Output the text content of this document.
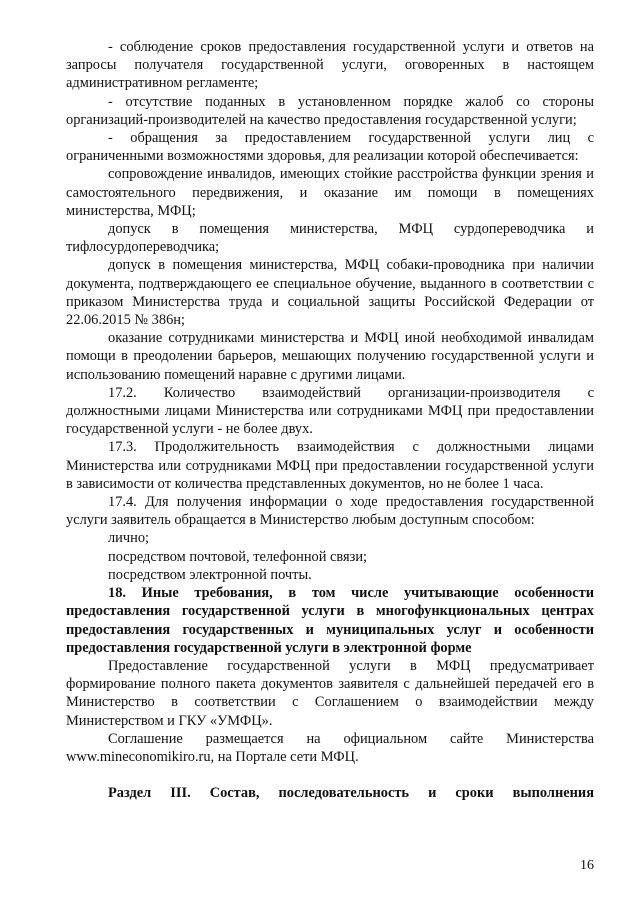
- соблюдение сроков предоставления государственной услуги и ответов на запросы получателя государственной услуги, оговоренных в настоящем административном регламенте;

- отсутствие поданных в установленном порядке жалоб со стороны организаций-производителей на качество предоставления государственной услуги;

- обращения за предоставлением государственной услуги лиц с ограниченными возможностями здоровья, для реализации которой обеспечивается:

сопровождение инвалидов, имеющих стойкие расстройства функции зрения и самостоятельного передвижения, и оказание им помощи в помещениях министерства, МФЦ;

допуск в помещения министерства, МФЦ сурдопереводчика и тифлосурдопереводчика;

допуск в помещения министерства, МФЦ собаки-проводника при наличии документа, подтверждающего ее специальное обучение, выданного в соответствии с приказом Министерства труда и социальной защиты Российской Федерации от 22.06.2015 № 386н;

оказание сотрудниками министерства и МФЦ иной необходимой инвалидам помощи в преодолении барьеров, мешающих получению государственной услуги и использованию помещений наравне с другими лицами.

17.2. Количество взаимодействий организации-производителя с должностными лицами Министерства или сотрудниками МФЦ при предоставлении государственной услуги - не более двух.

17.3. Продолжительность взаимодействия с должностными лицами Министерства или сотрудниками МФЦ при предоставлении государственной услуги в зависимости от количества представленных документов, но не более 1 часа.

17.4. Для получения информации о ходе предоставления государственной услуги заявитель обращается в Министерство любым доступным способом:

лично;

посредством почтовой, телефонной связи;

посредством электронной почты.

18. Иные требования, в том числе учитывающие особенности предоставления государственной услуги в многофункциональных центрах предоставления государственных и муниципальных услуг и особенности предоставления государственной услуги в электронной форме

Предоставление государственной услуги в МФЦ предусматривает формирование полного пакета документов заявителя с дальнейшей передачей его в Министерство в соответствии с Соглашением о взаимодействии между Министерством и ГКУ «УМФЦ».

Соглашение размещается на официальном сайте Министерства www.mineconomikiro.ru, на Портале сети МФЦ.

Раздел III. Состав, последовательность и сроки выполнения

16
